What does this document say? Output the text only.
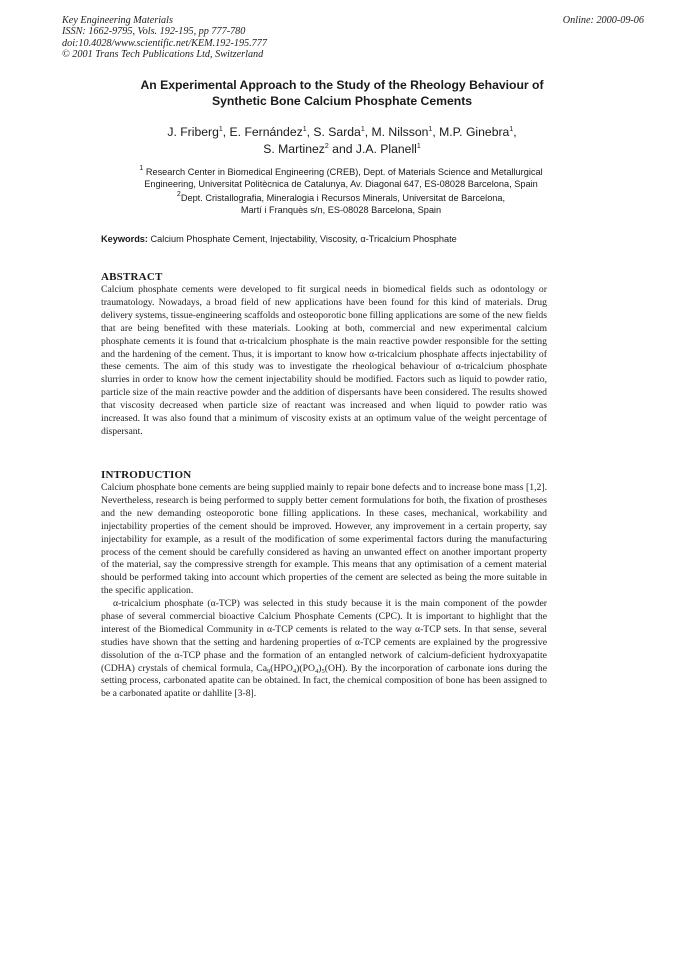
Key Engineering Materials
ISSN: 1662-9795, Vols. 192-195, pp 777-780
doi:10.4028/www.scientific.net/KEM.192-195.777
© 2001 Trans Tech Publications Ltd, Switzerland
Online: 2000-09-06
An Experimental Approach to the Study of the Rheology Behaviour of
Synthetic Bone Calcium Phosphate Cements
J. Friberg$^1$, E. Fernández$^1$, S. Sarda$^1$, M. Nilsson$^1$, M.P. Ginebra$^1$,
S. Martinez$^2$ and J.A. Planell$^1$
$^1$ Research Center in Biomedical Engineering (CREB), Dept. of Materials Science and Metallurgical
Engineering, Universitat Politècnica de Catalunya, Av. Diagonal 647, ES-08028 Barcelona, Spain
$^2$Dept. Cristallografia, Mineralogia i Recursos Minerals, Universitat de Barcelona,
Martí i Franquès s/n, ES-08028 Barcelona, Spain
Keywords: Calcium Phosphate Cement, Injectability, Viscosity, α-Tricalcium Phosphate
ABSTRACT

Calcium phosphate cements were developed to fit surgical needs in biomedical fields such as odontology or traumatology. Nowadays, a broad field of new applications have been found for this kind of materials. Drug delivery systems, tissue-engineering scaffolds and osteoporotic bone filling applications are some of the new fields that are being benefited with these materials. Looking at both, commercial and new experimental calcium phosphate cements it is found that α-tricalcium phosphate is the main reactive powder responsible for the setting and the hardening of the cement. Thus, it is important to know how α-tricalcium phosphate affects injectability of these cements. The aim of this study was to investigate the rheological behaviour of α-tricalcium phosphate slurries in order to know how the cement injectability should be modified. Factors such as liquid to powder ratio, particle size of the main reactive powder and the addition of dispersants have been considered. The results showed that viscosity decreased when particle size of reactant was increased and when liquid to powder ratio was increased. It was also found that a minimum of viscosity exists at an optimum value of the weight percentage of dispersant.

INTRODUCTION

Calcium phosphate bone cements are being supplied mainly to repair bone defects and to increase bone mass [1,2]. Nevertheless, research is being performed to supply better cement formulations for both, the fixation of prostheses and the new demanding osteoporotic bone filling applications. In these cases, mechanical, workability and injectability properties of the cement should be improved. However, any improvement in a certain property, say injectability for example, as a result of the modification of some experimental factors during the manufacturing process of the cement should be carefully considered as having an unwanted effect on another important property of the material, say the compressive strength for example. This means that any optimisation of a cement material should be performed taking into account which properties of the cement are selected as being the more suitable in the specific application.

α-tricalcium phosphate (α-TCP) was selected in this study because it is the main component of the powder phase of several commercial bioactive Calcium Phosphate Cements (CPC). It is important to highlight that the interest of the Biomedical Community in α-TCP cements is related to the way α-TCP sets. In that sense, several studies have shown that the setting and hardening properties of α-TCP cements are explained by the progressive dissolution of the α-TCP phase and the formation of an entangled network of calcium-deficient hydroxyapatite (CDHA) crystals of chemical formula, $Ca_9(HPO_4)(PO_4)_5(OH)$. By the incorporation of carbonate ions during the setting process, carbonated apatite can be obtained. In fact, the chemical composition of bone has been assigned to be a carbonated apatite or dahllite [3-8].
